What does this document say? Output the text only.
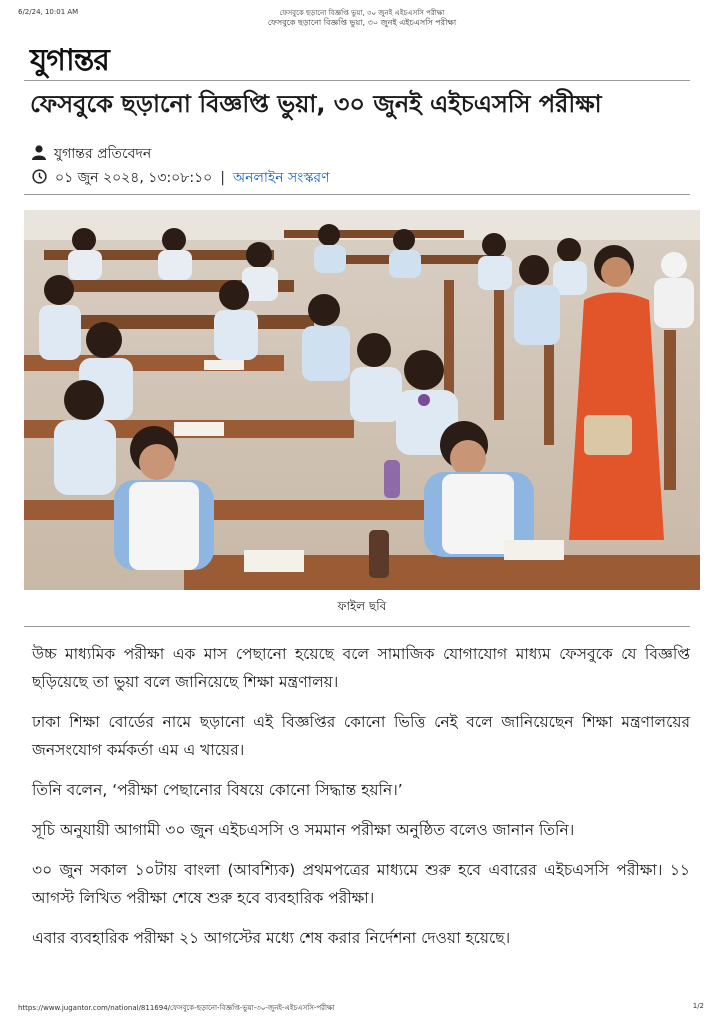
6/2/24, 10:01 AM	ফেসবুকে ছড়ানো বিজ্ঞপ্তি ভুয়া, ৩০ জুনই এইচএসসি পরীক্ষা
ফেসবুকে ছড়ানো বিজ্ঞপ্তি ভুয়া, ৩০ জুনই এইচএসসি পরীক্ষা
যুগান্তর
ফেসবুকে ছড়ানো বিজ্ঞপ্তি ভুয়া, ৩০ জুনই এইচএসসি পরীক্ষা
যুগান্তর প্রতিবেদন
০১ জুন ২০২৪, ১৩:০৮:১০ | অনলাইন সংস্করণ
ফাইল ছবি

উচ্চ মাধ্যমিক পরীক্ষা এক মাস পেছানো হয়েছে বলে সামাজিক যোগাযোগ মাধ্যম ফেসবুকে যে বিজ্ঞপ্তি ছড়িয়েছে তা ভুয়া বলে জানিয়েছে শিক্ষা মন্ত্রণালয়।

ঢাকা শিক্ষা বোর্ডের নামে ছড়ানো এই বিজ্ঞপ্তির কোনো ভিত্তি নেই বলে জানিয়েছেন শিক্ষা মন্ত্রণালয়ের জনসংযোগ কর্মকর্তা এম এ খায়ের।

তিনি বলেন, ‘পরীক্ষা পেছানোর বিষয়ে কোনো সিদ্ধান্ত হয়নি।’

সূচি অনুযায়ী আগামী ৩০ জুন এইচএসসি ও সমমান পরীক্ষা অনুষ্ঠিত বলেও জানান তিনি।

৩০ জুন সকাল ১০টায় বাংলা (আবশ্যিক) প্রথমপত্রের মাধ্যমে শুরু হবে এবারের এইচএসসি পরীক্ষা। ১১ আগস্ট লিখিত পরীক্ষা শেষে শুরু হবে ব্যবহারিক পরীক্ষা।

এবার ব্যবহারিক পরীক্ষা ২১ আগস্টের মধ্যে শেষ করার নির্দেশনা দেওয়া হয়েছে।

https://www.jugantor.com/national/811694/ফেসবুকে-ছড়ানো-বিজ্ঞপ্তি-ভুয়া-৩০-জুনই-এইচএসসি-পরীক্ষা	1/2
